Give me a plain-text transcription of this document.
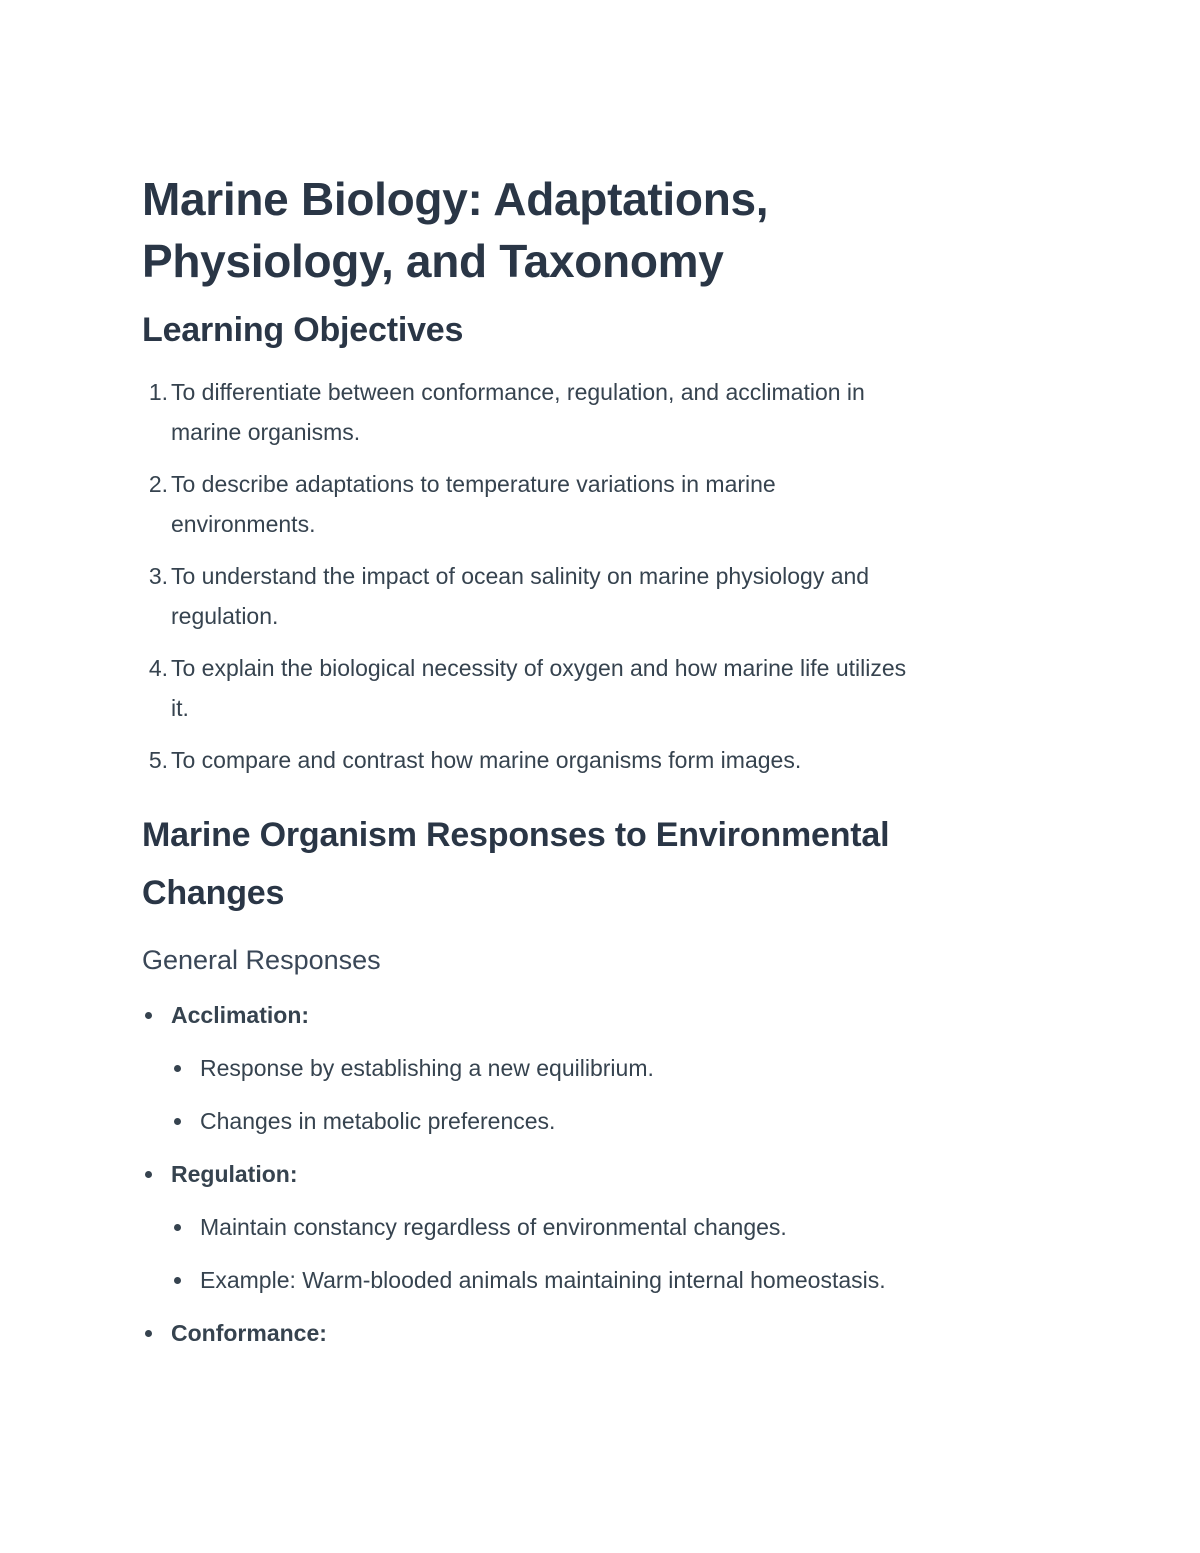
Marine Biology: Adaptations,
Physiology, and Taxonomy
Learning Objectives
1. To differentiate between conformance, regulation, and acclimation in
marine organisms.
2. To describe adaptations to temperature variations in marine
environments.
3. To understand the impact of ocean salinity on marine physiology and
regulation.
4. To explain the biological necessity of oxygen and how marine life utilizes
it.
5. To compare and contrast how marine organisms form images.
Marine Organism Responses to Environmental
Changes
General Responses
Acclimation:
Response by establishing a new equilibrium.
Changes in metabolic preferences.
Regulation:
Maintain constancy regardless of environmental changes.
Example: Warm-blooded animals maintaining internal homeostasis.
Conformance:
